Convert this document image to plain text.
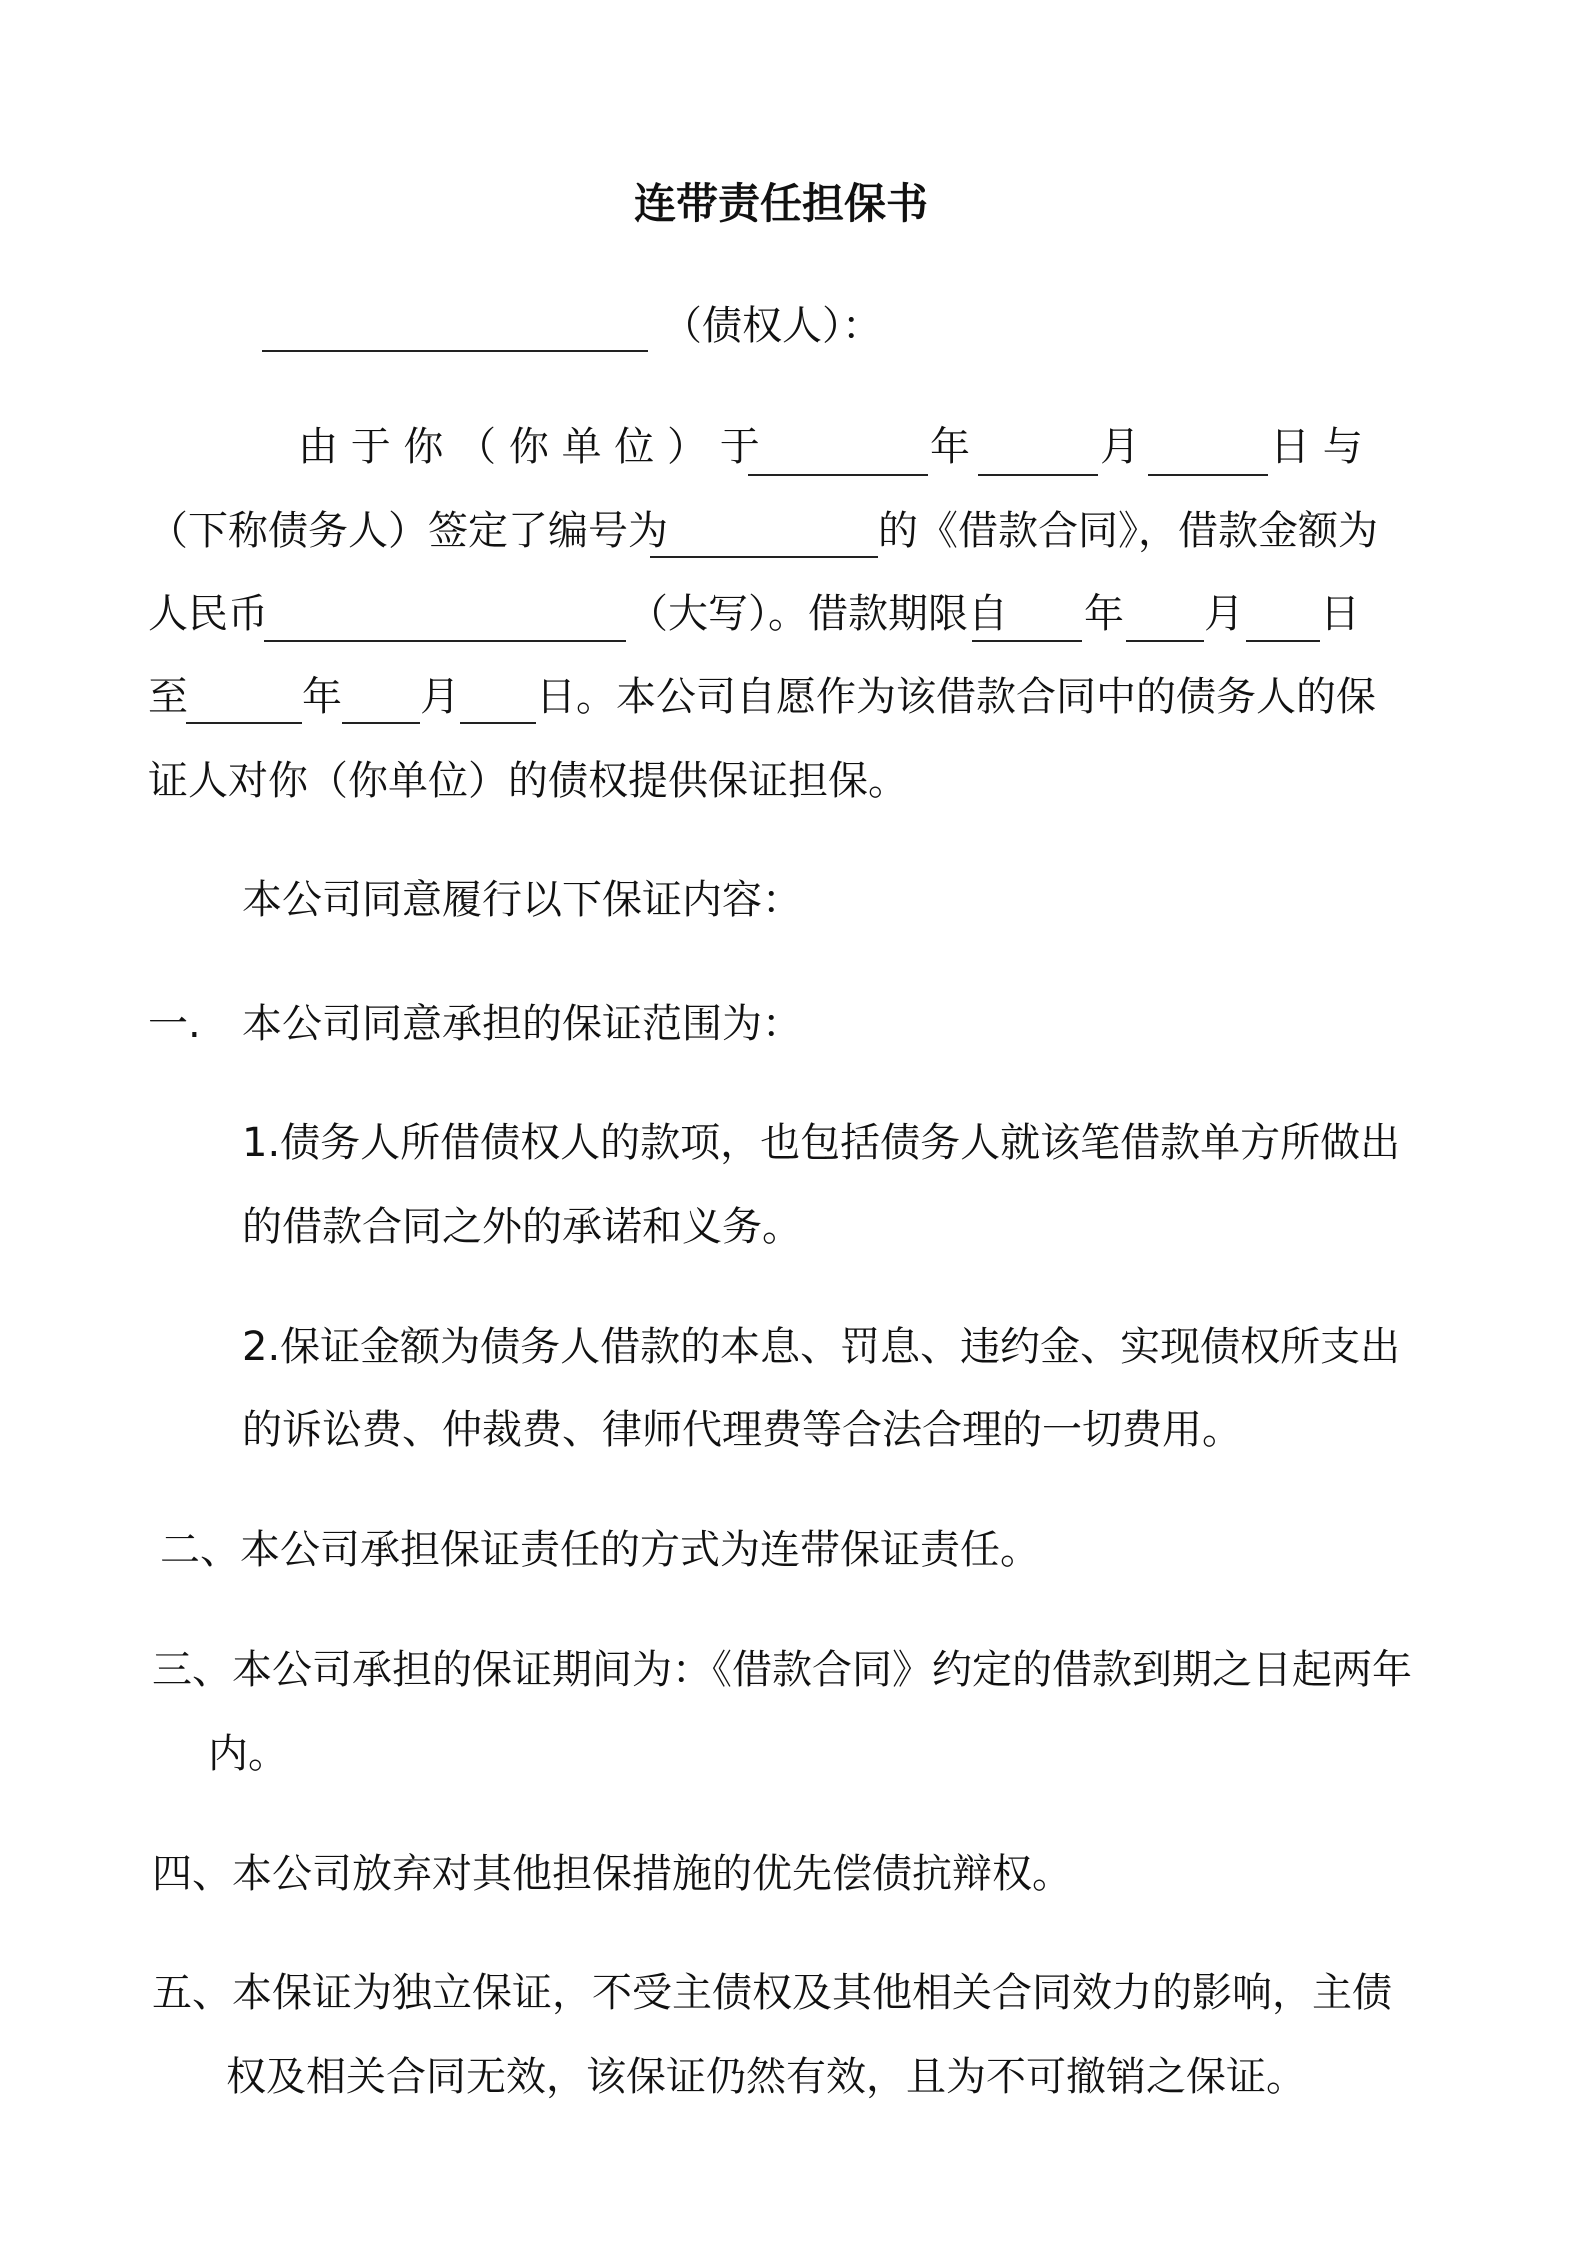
连带责任担保书
（债权人）：
由 于 你 （ 你 单 位 ） 于	年	月	日 与
（下称债务人）签定了编号为	的《借款合同》，借款金额为
人民币	（大写）。借款期限自 年 月 日
至	年 月 日。本公司自愿作为该借款合同中的债务人的保
证人对你（你单位）的债权提供保证担保。
本公司同意履行以下保证内容：
一. 本公司同意承担的保证范围为：
1.债务人所借债权人的款项，也包括债务人就该笔借款单方所做出
的借款合同之外的承诺和义务。
2.保证金额为债务人借款的本息、罚息、违约金、实现债权所支出
的诉讼费、仲裁费、律师代理费等合法合理的一切费用。
二、本公司承担保证责任的方式为连带保证责任。
三、本公司承担的保证期间为：《借款合同》约定的借款到期之日起两年
内。
四、本公司放弃对其他担保措施的优先偿债抗辩权。
五、本保证为独立保证，不受主债权及其他相关合同效力的影响，主债
权及相关合同无效，该保证仍然有效，且为不可撤销之保证。
